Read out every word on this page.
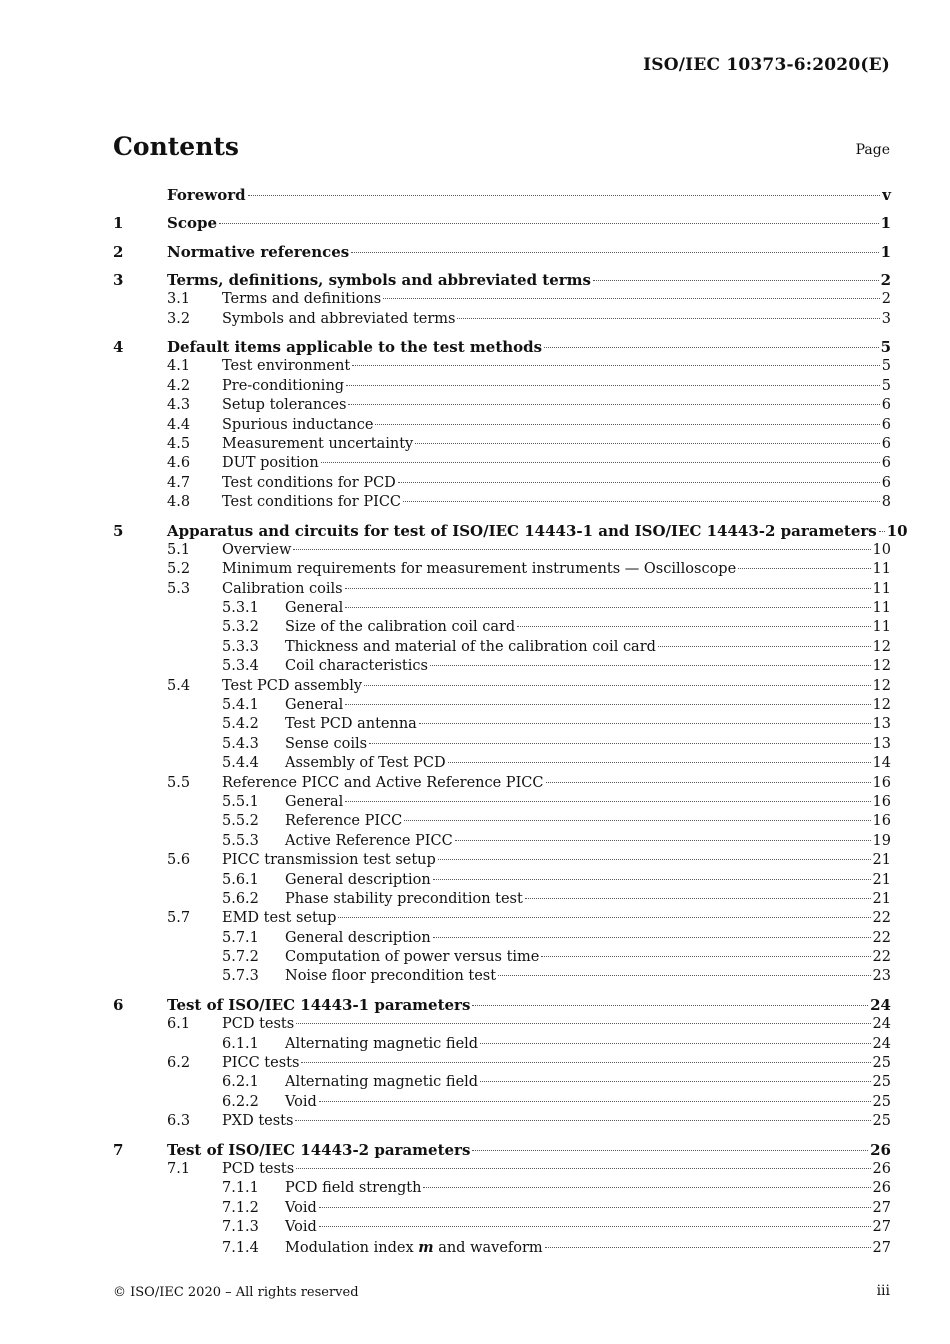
ISO/IEC 10373-6:2020(E)
Contents	Page
Foreword	v
1	Scope	1
2	Normative references	1
3	Terms, definitions, symbols and abbreviated terms	2
3.1	Terms and definitions	2
3.2	Symbols and abbreviated terms	3
4	Default items applicable to the test methods	5
4.1	Test environment	5
4.2	Pre-conditioning	5
4.3	Setup tolerances	6
4.4	Spurious inductance	6
4.5	Measurement uncertainty	6
4.6	DUT position	6
4.7	Test conditions for PCD	6
4.8	Test conditions for PICC	8
5	Apparatus and circuits for test of ISO/IEC 14443-1 and ISO/IEC 14443-2 parameters 10
5.1	Overview	10
5.2	Minimum requirements for measurement instruments — Oscilloscope	11
5.3	Calibration coils	11
5.3.1	General	11
5.3.2	Size of the calibration coil card	11
5.3.3	Thickness and material of the calibration coil card	12
5.3.4	Coil characteristics	12
5.4	Test PCD assembly	12
5.4.1	General	12
5.4.2	Test PCD antenna	13
5.4.3	Sense coils	13
5.4.4	Assembly of Test PCD	14
5.5	Reference PICC and Active Reference PICC	16
5.5.1	General	16
5.5.2	Reference PICC	16
5.5.3	Active Reference PICC	19
5.6	PICC transmission test setup	21
5.6.1	General description	21
5.6.2	Phase stability precondition test	21
5.7	EMD test setup	22
5.7.1	General description	22
5.7.2	Computation of power versus time	22
5.7.3	Noise floor precondition test	23
6	Test of ISO/IEC 14443-1 parameters	24
6.1	PCD tests	24
6.1.1	Alternating magnetic field	24
6.2	PICC tests	25
6.2.1	Alternating magnetic field	25
6.2.2	Void	25
6.3	PXD tests	25
7	Test of ISO/IEC 14443-2 parameters	26
7.1	PCD tests	26
7.1.1	PCD field strength	26
7.1.2	Void	27
7.1.3	Void	27
7.1.4	Modulation index m and waveform	27
© ISO/IEC 2020 – All rights reserved	iii
